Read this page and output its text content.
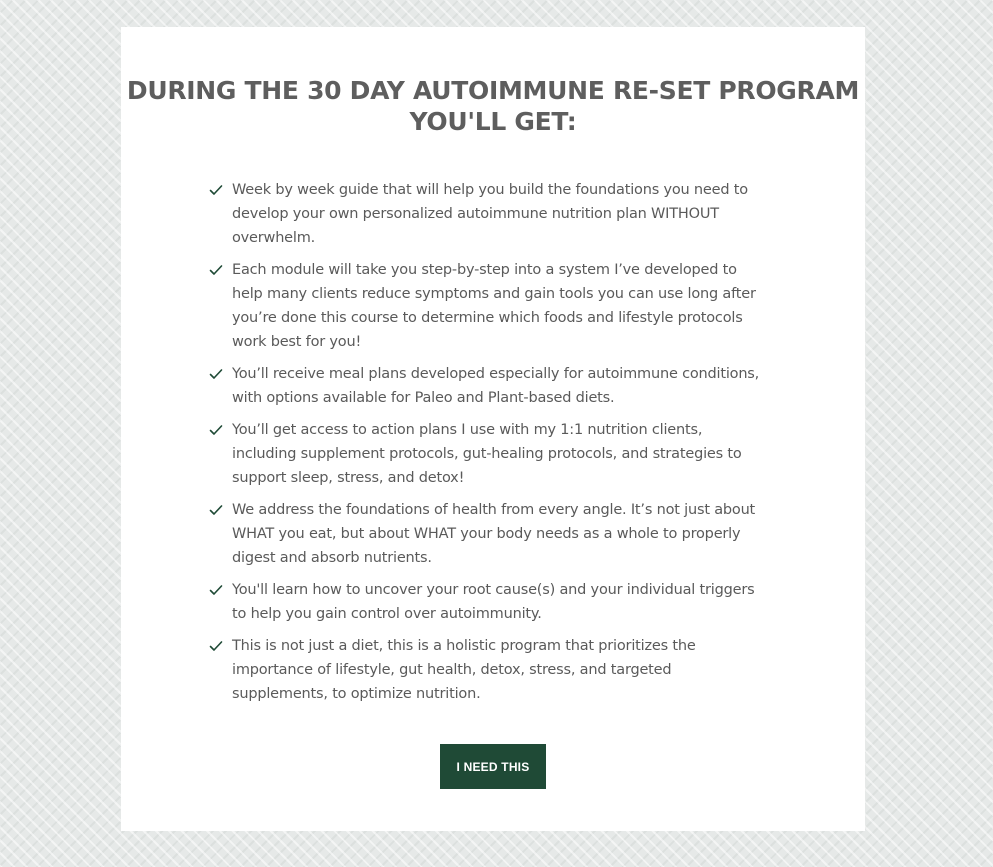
DURING THE 30 DAY AUTOIMMUNE RE-SET PROGRAM YOU'LL GET:
Week by week guide that will help you build the foundations you need to develop your own personalized autoimmune nutrition plan WITHOUT overwhelm.
Each module will take you step-by-step into a system I’ve developed to help many clients reduce symptoms and gain tools you can use long after you’re done this course to determine which foods and lifestyle protocols work best for you!
You’ll receive meal plans developed especially for autoimmune conditions, with options available for Paleo and Plant-based diets.
You’ll get access to action plans I use with my 1:1 nutrition clients, including supplement protocols, gut-healing protocols, and strategies to support sleep, stress, and detox!
We address the foundations of health from every angle. It’s not just about WHAT you eat, but about WHAT your body needs as a whole to properly digest and absorb nutrients.
You'll learn how to uncover your root cause(s) and your individual triggers to help you gain control over autoimmunity.
This is not just a diet, this is a holistic program that prioritizes the importance of lifestyle, gut health, detox, stress, and targeted supplements, to optimize nutrition.
I NEED THIS
